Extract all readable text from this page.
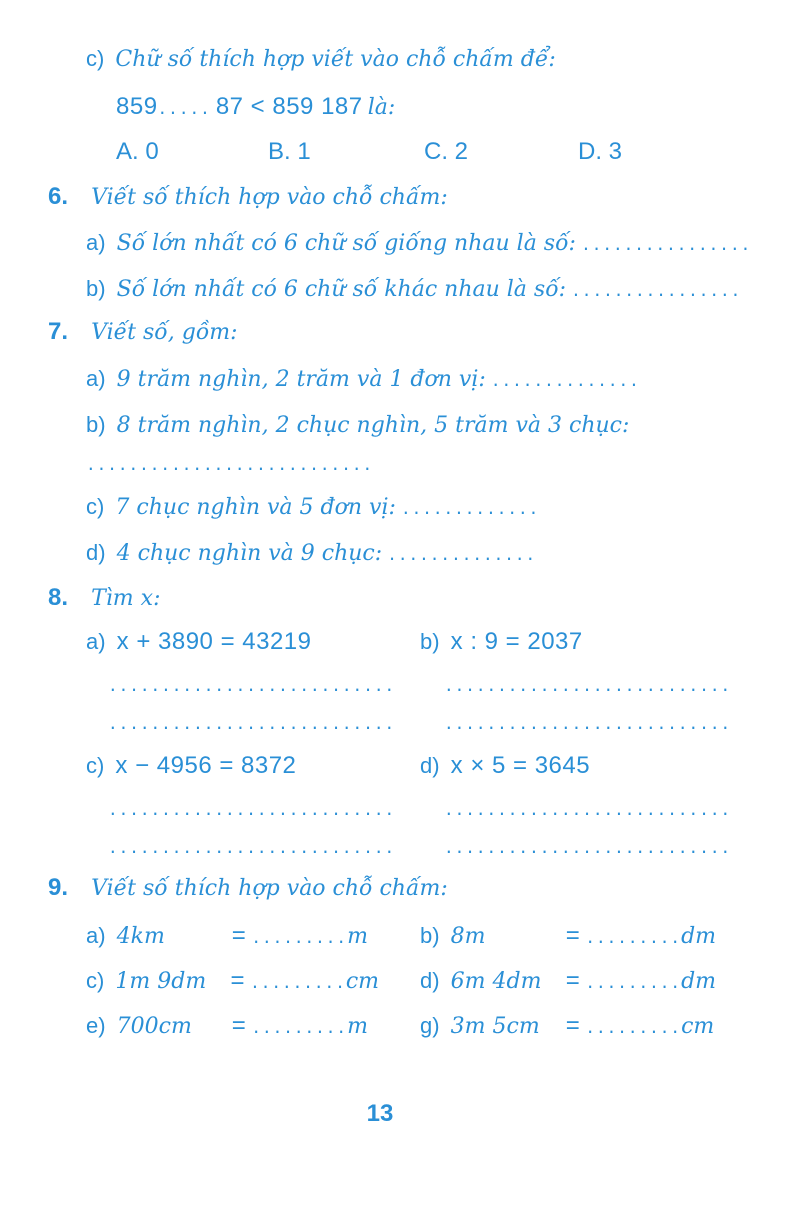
c) Chữ số thích hợp viết vào chỗ chấm để:
859..... 87 < 859 187 là:
A. 0	B. 1	C. 2	D. 3
6. Viết số thích hợp vào chỗ chấm:
a) Số lớn nhất có 6 chữ số giống nhau là số: ................
b) Số lớn nhất có 6 chữ số khác nhau là số: ................
7. Viết số, gồm:
a) 9 trăm nghìn, 2 trăm và 1 đơn vị: ..............
b) 8 trăm nghìn, 2 chục nghìn, 5 trăm và 3 chục:
...........................
c) 7 chục nghìn và 5 đơn vị: .............
d) 4 chục nghìn và 9 chục: ..............
8. Tìm x:
a) x + 3890 = 43219	b) x : 9 = 2037
...........................	...........................
...........................	...........................
c) x − 4956 = 8372	d) x × 5 = 3645
...........................	...........................
...........................	...........................
9. Viết số thích hợp vào chỗ chấm:
a) 4km	= .........m b) 8m	= .........dm
c) 1m 9dm = .........cm d) 6m 4dm = .........dm
e) 700cm = .........m g) 3m 5cm = .........cm
13
